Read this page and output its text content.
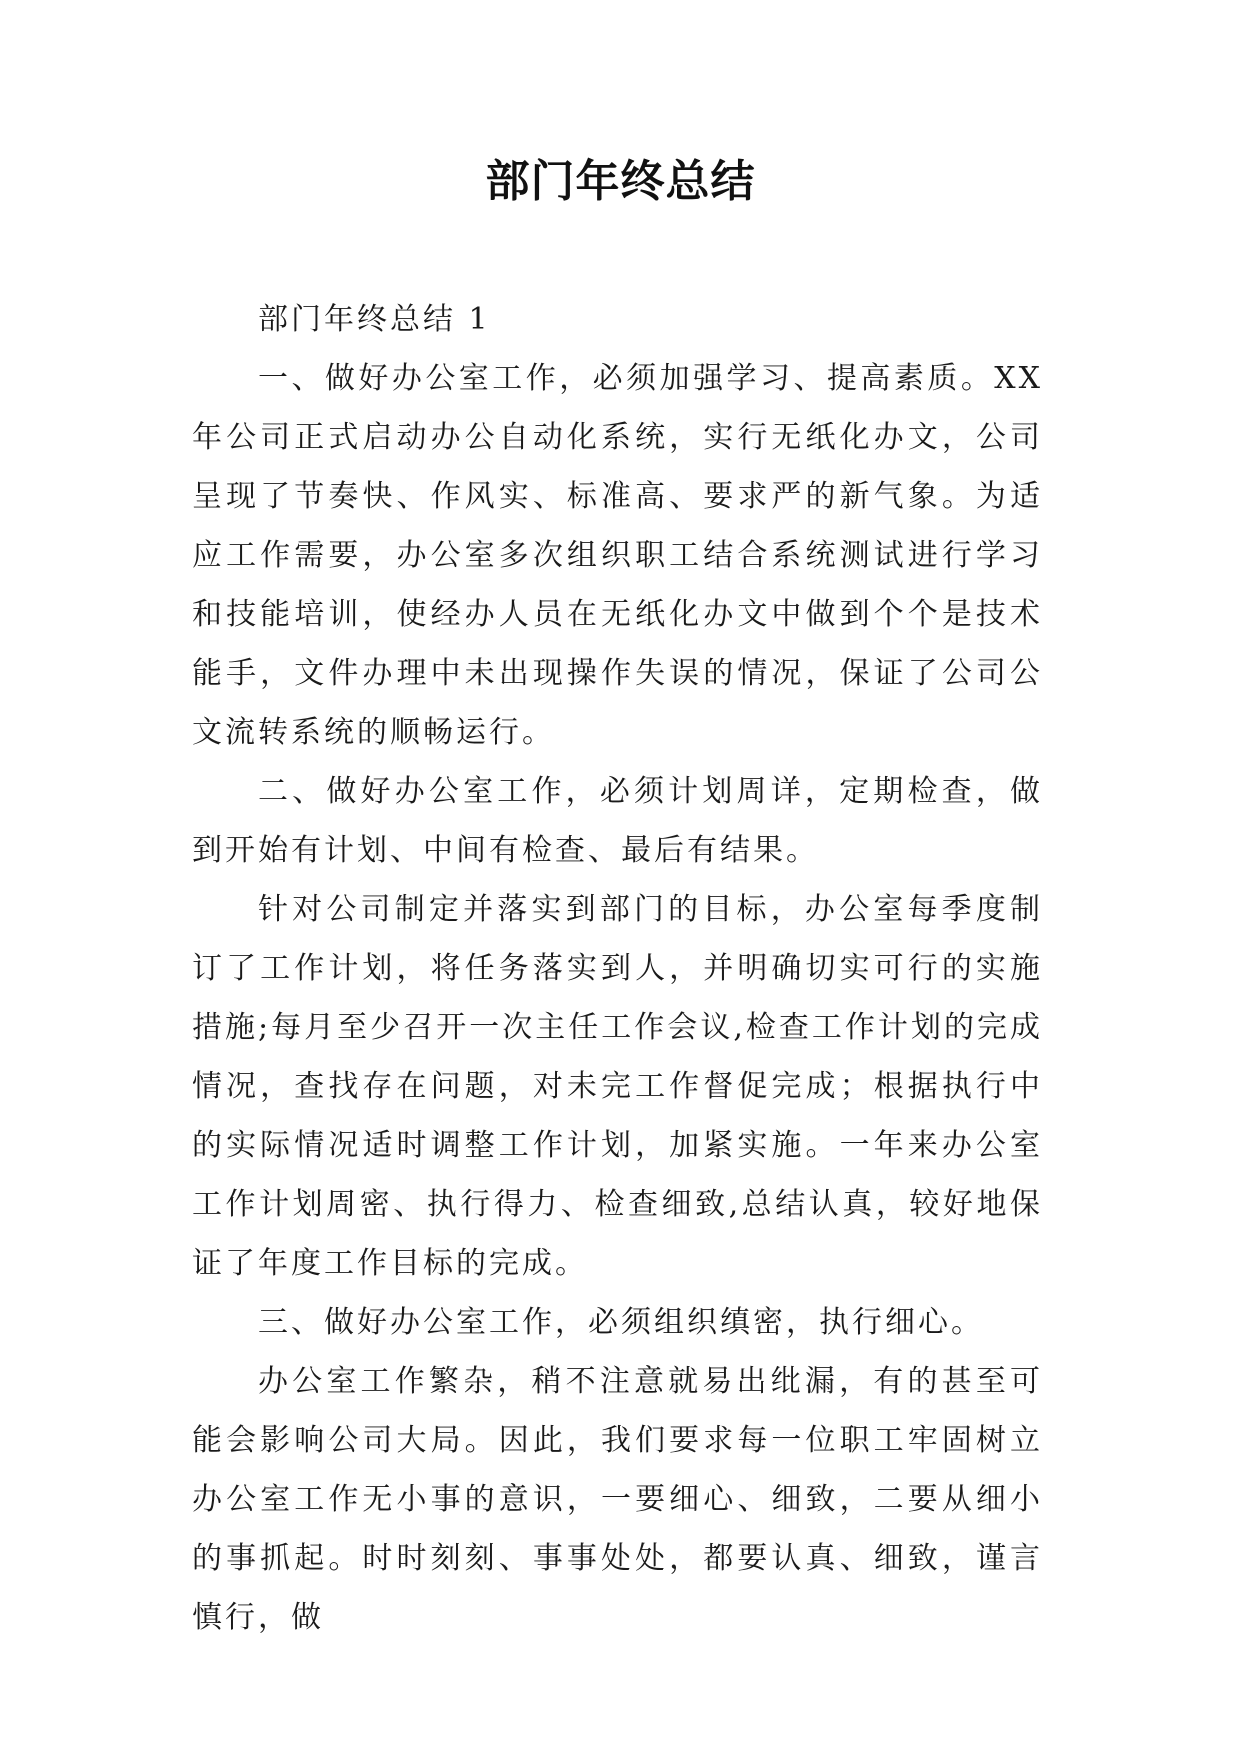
部门年终总结

部门年终总结 1

一、做好办公室工作，必须加强学习、提高素质。XX 年公司正式启动办公自动化系统，实行无纸化办文，公司呈现了节奏快、作风实、标准高、要求严的新气象。为适应工作需要，办公室多次组织职工结合系统测试进行学习和技能培训，使经办人员在无纸化办文中做到个个是技术能手，文件办理中未出现操作失误的情况，保证了公司公文流转系统的顺畅运行。

二、做好办公室工作，必须计划周详，定期检查，做到开始有计划、中间有检查、最后有结果。

针对公司制定并落实到部门的目标，办公室每季度制订了工作计划，将任务落实到人，并明确切实可行的实施措施;每月至少召开一次主任工作会议,检查工作计划的完成情况，查找存在问题，对未完工作督促完成；根据执行中的实际情况适时调整工作计划，加紧实施。一年来办公室工作计划周密、执行得力、检查细致,总结认真，较好地保证了年度工作目标的完成。

三、做好办公室工作，必须组织缜密，执行细心。

办公室工作繁杂，稍不注意就易出纰漏，有的甚至可能会影响公司大局。因此，我们要求每一位职工牢固树立办公室工作无小事的意识，一要细心、细致，二要从细小的事抓起。时时刻刻、事事处处，都要认真、细致，谨言慎行，做
